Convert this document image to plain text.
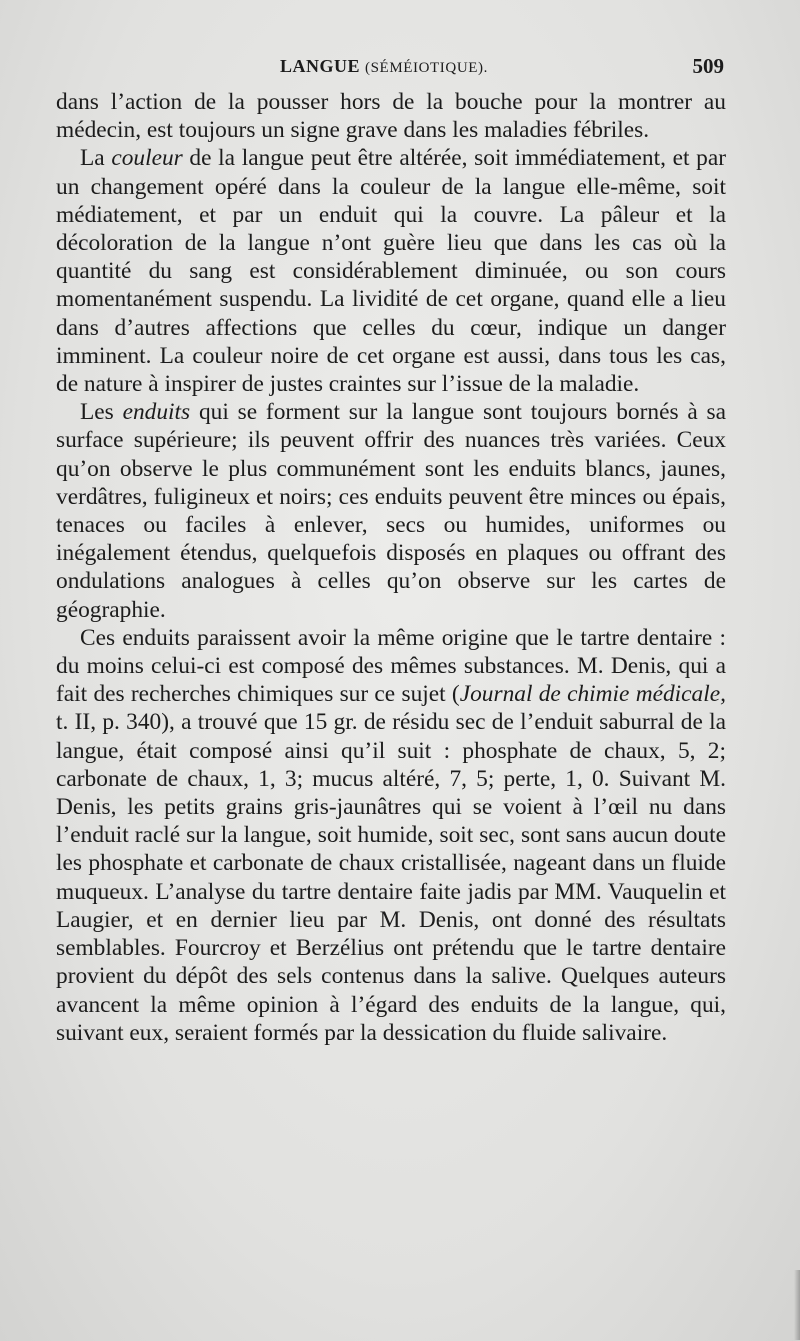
LANGUE (SÉMÉIOTIQUE).	509

dans l’action de la pousser hors de la bouche pour la montrer au médecin, est toujours un signe grave dans les maladies fébriles.

La couleur de la langue peut être altérée, soit immédiatement, et par un changement opéré dans la couleur de la langue elle-même, soit médiatement, et par un enduit qui la couvre. La pâleur et la décoloration de la langue n’ont guère lieu que dans les cas où la quantité du sang est considérablement diminuée, ou son cours momentanément suspendu. La lividité de cet organe, quand elle a lieu dans d’autres affections que celles du cœur, indique un danger imminent. La couleur noire de cet organe est aussi, dans tous les cas, de nature à inspirer de justes craintes sur l’issue de la maladie.

Les enduits qui se forment sur la langue sont toujours bornés à sa surface supérieure; ils peuvent offrir des nuances très variées. Ceux qu’on observe le plus communément sont les enduits blancs, jaunes, verdâtres, fuligineux et noirs; ces enduits peuvent être minces ou épais, tenaces ou faciles à enlever, secs ou humides, uniformes ou inégalement étendus, quelquefois disposés en plaques ou offrant des ondulations analogues à celles qu’on observe sur les cartes de géographie.

Ces enduits paraissent avoir la même origine que le tartre dentaire : du moins celui-ci est composé des mêmes substances. M. Denis, qui a fait des recherches chimiques sur ce sujet (Journal de chimie médicale, t. II, p. 340), a trouvé que 15 gr. de résidu sec de l’enduit saburral de la langue, était composé ainsi qu’il suit : phosphate de chaux, 5, 2; carbonate de chaux, 1, 3; mucus altéré, 7, 5; perte, 1, 0. Suivant M. Denis, les petits grains gris-jaunâtres qui se voient à l’œil nu dans l’enduit raclé sur la langue, soit humide, soit sec, sont sans aucun doute les phosphate et carbonate de chaux cristallisée, nageant dans un fluide muqueux. L’analyse du tartre dentaire faite jadis par MM. Vauquelin et Laugier, et en dernier lieu par M. Denis, ont donné des résultats semblables. Fourcroy et Berzélius ont prétendu que le tartre dentaire provient du dépôt des sels contenus dans la salive. Quelques auteurs avancent la même opinion à l’égard des enduits de la langue, qui, suivant eux, seraient formés par la dessication du fluide salivaire.
